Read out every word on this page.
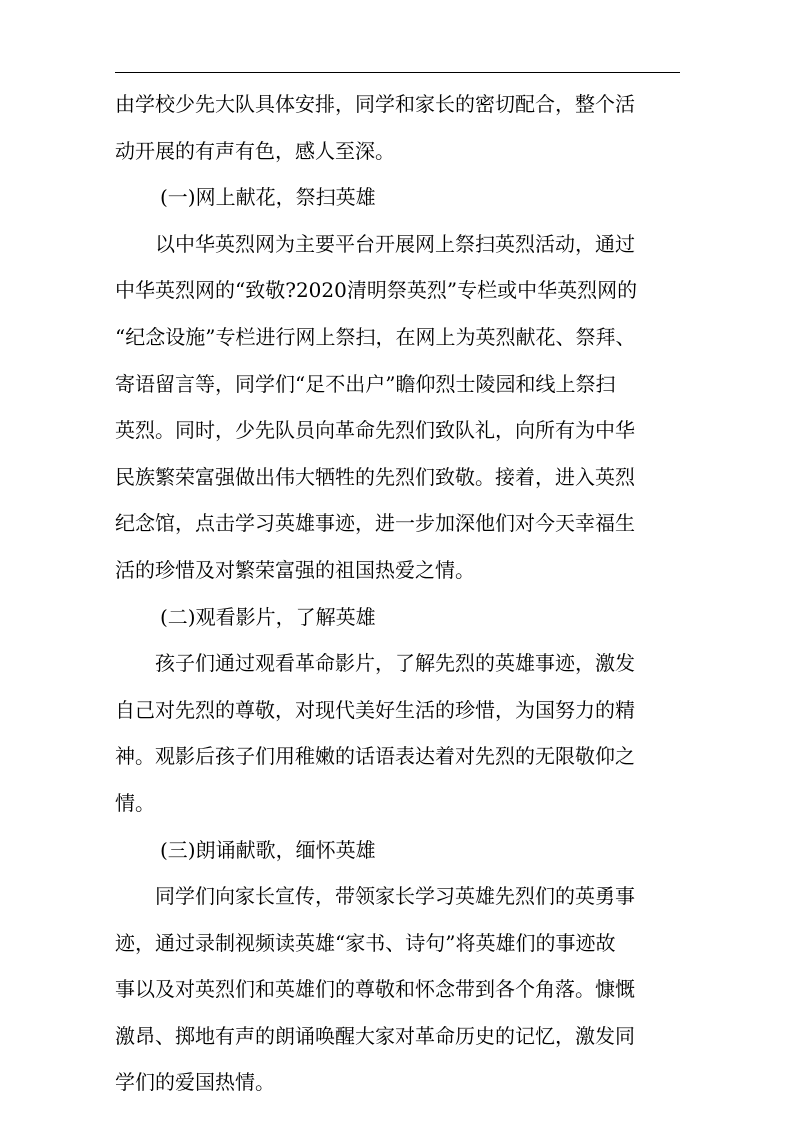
由学校少先大队具体安排，同学和家长的密切配合，整个活
动开展的有声有色，感人至深。
(一)网上献花，祭扫英雄
以中华英烈网为主要平台开展网上祭扫英烈活动，通过
中华英烈网的“致敬?2020清明祭英烈”专栏或中华英烈网的
“纪念设施”专栏进行网上祭扫，在网上为英烈献花、祭拜、
寄语留言等，同学们“足不出户”瞻仰烈士陵园和线上祭扫
英烈。同时，少先队员向革命先烈们致队礼，向所有为中华
民族繁荣富强做出伟大牺牲的先烈们致敬。接着，进入英烈
纪念馆，点击学习英雄事迹，进一步加深他们对今天幸福生
活的珍惜及对繁荣富强的祖国热爱之情。
(二)观看影片，了解英雄
孩子们通过观看革命影片，了解先烈的英雄事迹，激发
自己对先烈的尊敬，对现代美好生活的珍惜，为国努力的精
神。观影后孩子们用稚嫩的话语表达着对先烈的无限敬仰之
情。
(三)朗诵献歌，缅怀英雄
同学们向家长宣传，带领家长学习英雄先烈们的英勇事
迹，通过录制视频读英雄“家书、诗句”将英雄们的事迹故
事以及对英烈们和英雄们的尊敬和怀念带到各个角落。慷慨
激昂、掷地有声的朗诵唤醒大家对革命历史的记忆，激发同
学们的爱国热情。
